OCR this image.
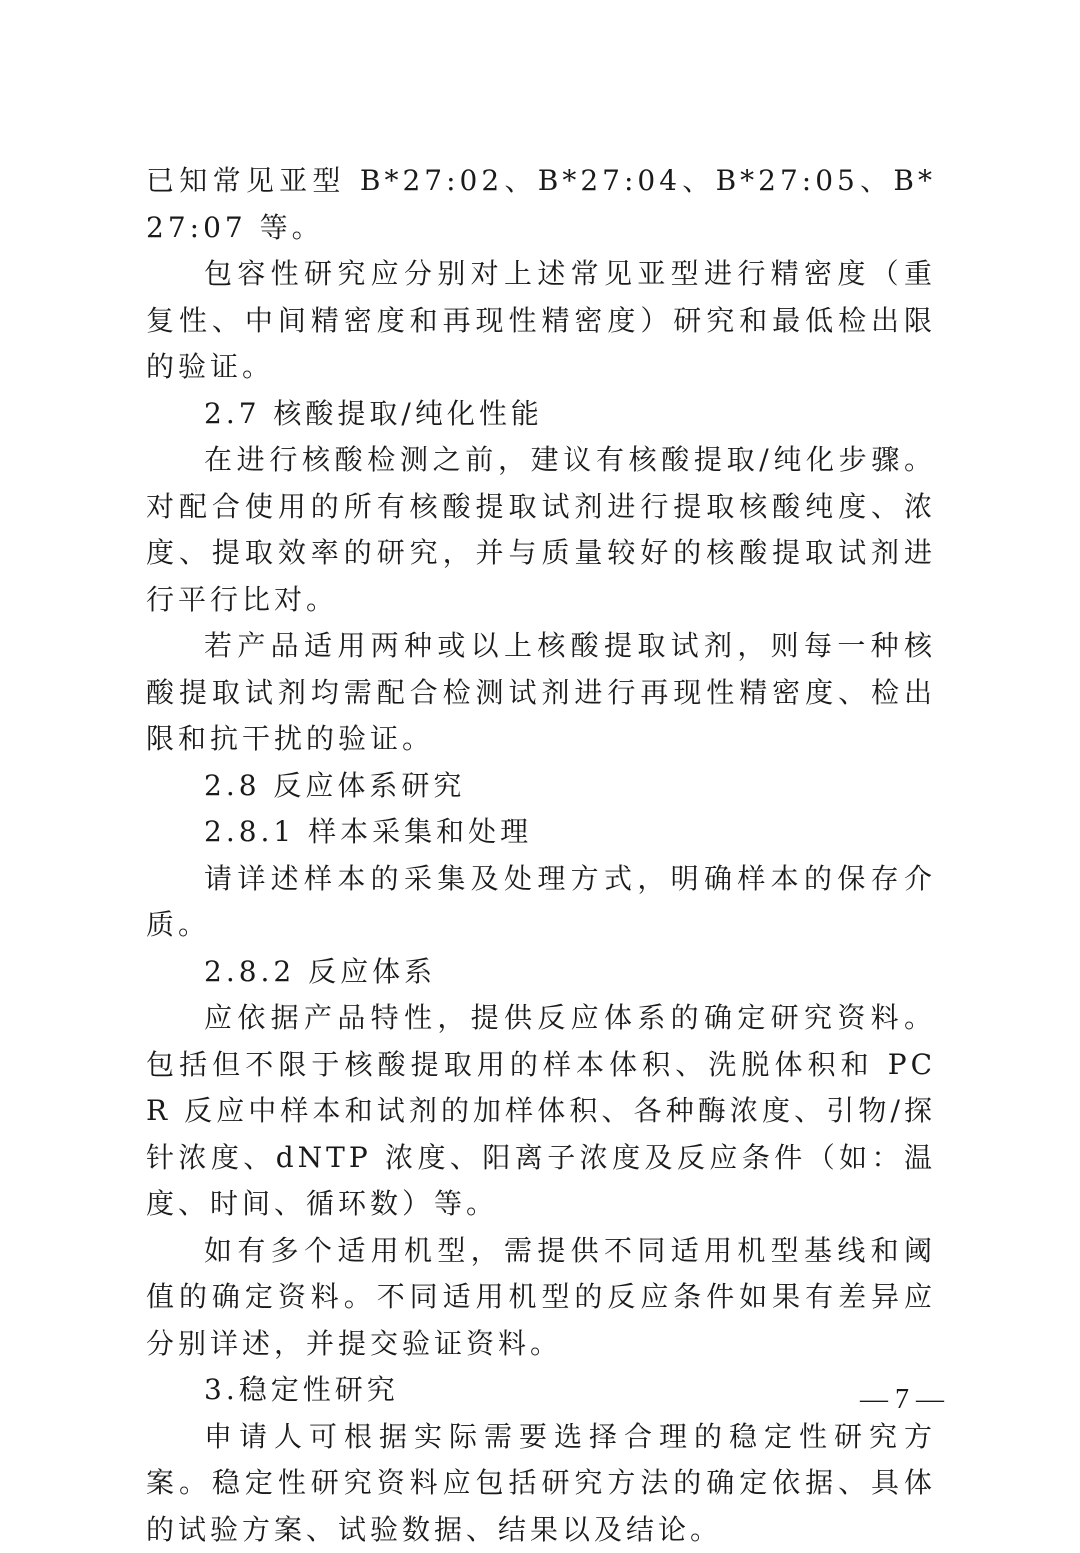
已知常见亚型 B*27:02、B*27:04、B*27:05、B*27:07 等。

包容性研究应分别对上述常见亚型进行精密度（重复性、中间精密度和再现性精密度）研究和最低检出限的验证。

2.7 核酸提取/纯化性能

在进行核酸检测之前，建议有核酸提取/纯化步骤。对配合使用的所有核酸提取试剂进行提取核酸纯度、浓度、提取效率的研究，并与质量较好的核酸提取试剂进行平行比对。

若产品适用两种或以上核酸提取试剂，则每一种核酸提取试剂均需配合检测试剂进行再现性精密度、检出限和抗干扰的验证。

2.8 反应体系研究

2.8.1 样本采集和处理

请详述样本的采集及处理方式，明确样本的保存介质。

2.8.2 反应体系

应依据产品特性，提供反应体系的确定研究资料。包括但不限于核酸提取用的样本体积、洗脱体积和 PCR 反应中样本和试剂的加样体积、各种酶浓度、引物/探针浓度、dNTP 浓度、阳离子浓度及反应条件（如：温度、时间、循环数）等。

如有多个适用机型，需提供不同适用机型基线和阈值的确定资料。不同适用机型的反应条件如果有差异应分别详述，并提交验证资料。

3.稳定性研究

申请人可根据实际需要选择合理的稳定性研究方案。稳定性研究资料应包括研究方法的确定依据、具体的试验方案、试验数据、结果以及结论。

— 7 —
